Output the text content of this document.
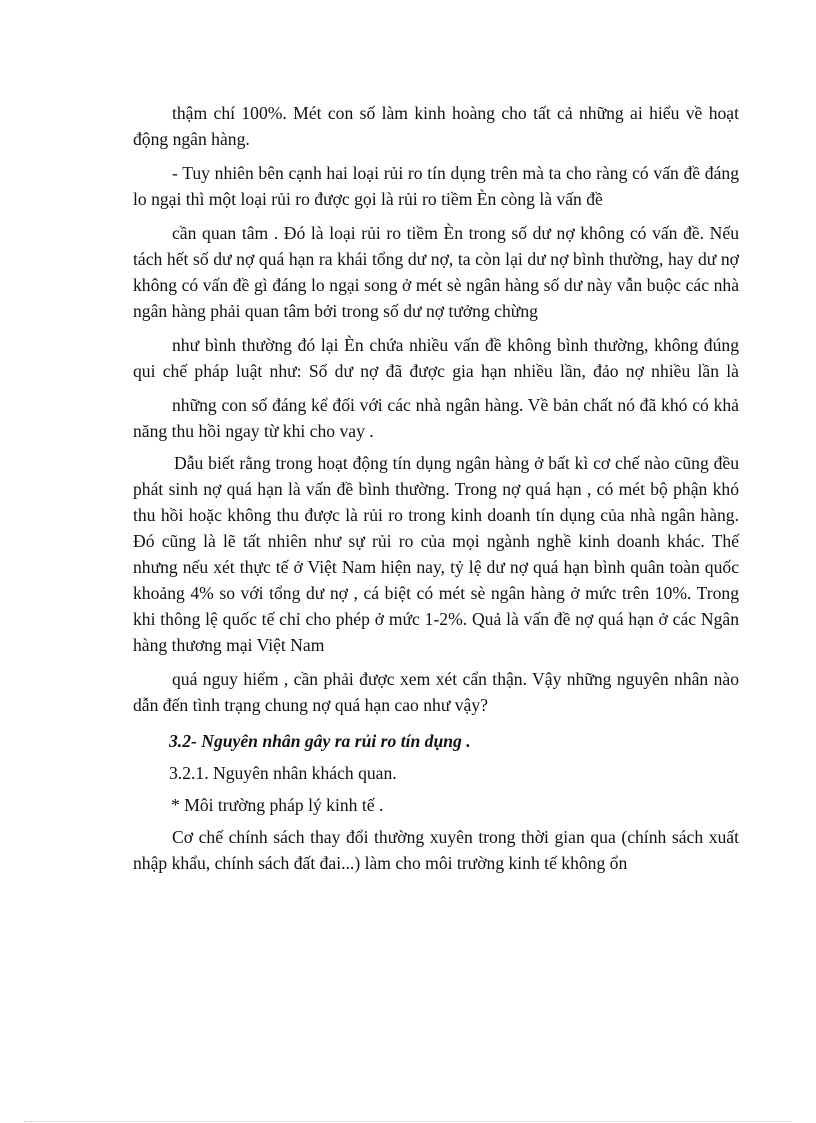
thậm chí 100%. Mét con số làm kinh hoàng cho tất cả những ai hiểu về hoạt động ngân hàng.

- Tuy nhiên bên cạnh hai loại rủi ro tín dụng trên mà ta cho ràng có vấn đề đáng lo ngại thì một loại rủi ro được gọi là rủi ro tiềm Èn còng là vấn đề

cần quan tâm . Đó là loại rủi ro tiềm Èn trong số dư nợ không có vấn đề. Nếu tách hết số dư nợ quá hạn ra khái tổng dư nợ, ta còn lại dư nợ bình thường, hay dư nợ không có vấn đề gì đáng lo ngại song ở mét sè ngân hàng số dư này vẫn buộc các nhà ngân hàng phải quan tâm bởi trong số dư nợ tưởng chừng

như bình thường đó lại Èn chứa nhiều vấn đề không bình thường, không đúng qui chế pháp luật như: Số dư nợ đã được gia hạn nhiều lần, đảo nợ nhiều lần là

những con số đáng kể đối với các nhà ngân hàng. Về bản chất nó đã khó có khả năng thu hồi ngay từ khi cho vay .

Dẫu biết rằng trong hoạt động tín dụng ngân hàng ở bất kì cơ chế nào cũng đều phát sinh nợ quá hạn là vấn đề bình thường. Trong nợ quá hạn , có mét bộ phận khó thu hồi hoặc không thu được là rủi ro trong kinh doanh tín dụng của nhà ngân hàng. Đó cũng là lẽ tất nhiên như sự rủi ro của mọi ngành nghề kinh doanh khác. Thế nhưng nếu xét thực tế ở Việt Nam hiện nay, tỷ lệ dư nợ quá hạn bình quân toàn quốc khoảng 4% so với tổng dư nợ , cá biệt có mét sè ngân hàng ở mức trên 10%. Trong khi thông lệ quốc tế chỉ cho phép ở mức 1-2%. Quả là vấn đề nợ quá hạn ở các Ngân hàng thương mại Việt Nam

quá nguy hiểm , cần phải được xem xét cẩn thận. Vậy những nguyên nhân nào dẫn đến tình trạng chung nợ quá hạn cao như vậy?

3.2- Nguyên nhân gây ra rủi ro tín dụng .

3.2.1. Nguyên nhân khách quan.

* Môi trường pháp lý kinh tế .

Cơ chế chính sách thay đổi thường xuyên trong thời gian qua (chính sách xuất nhập khẩu, chính sách đất đai...) làm cho môi trường kinh tế không ổn
